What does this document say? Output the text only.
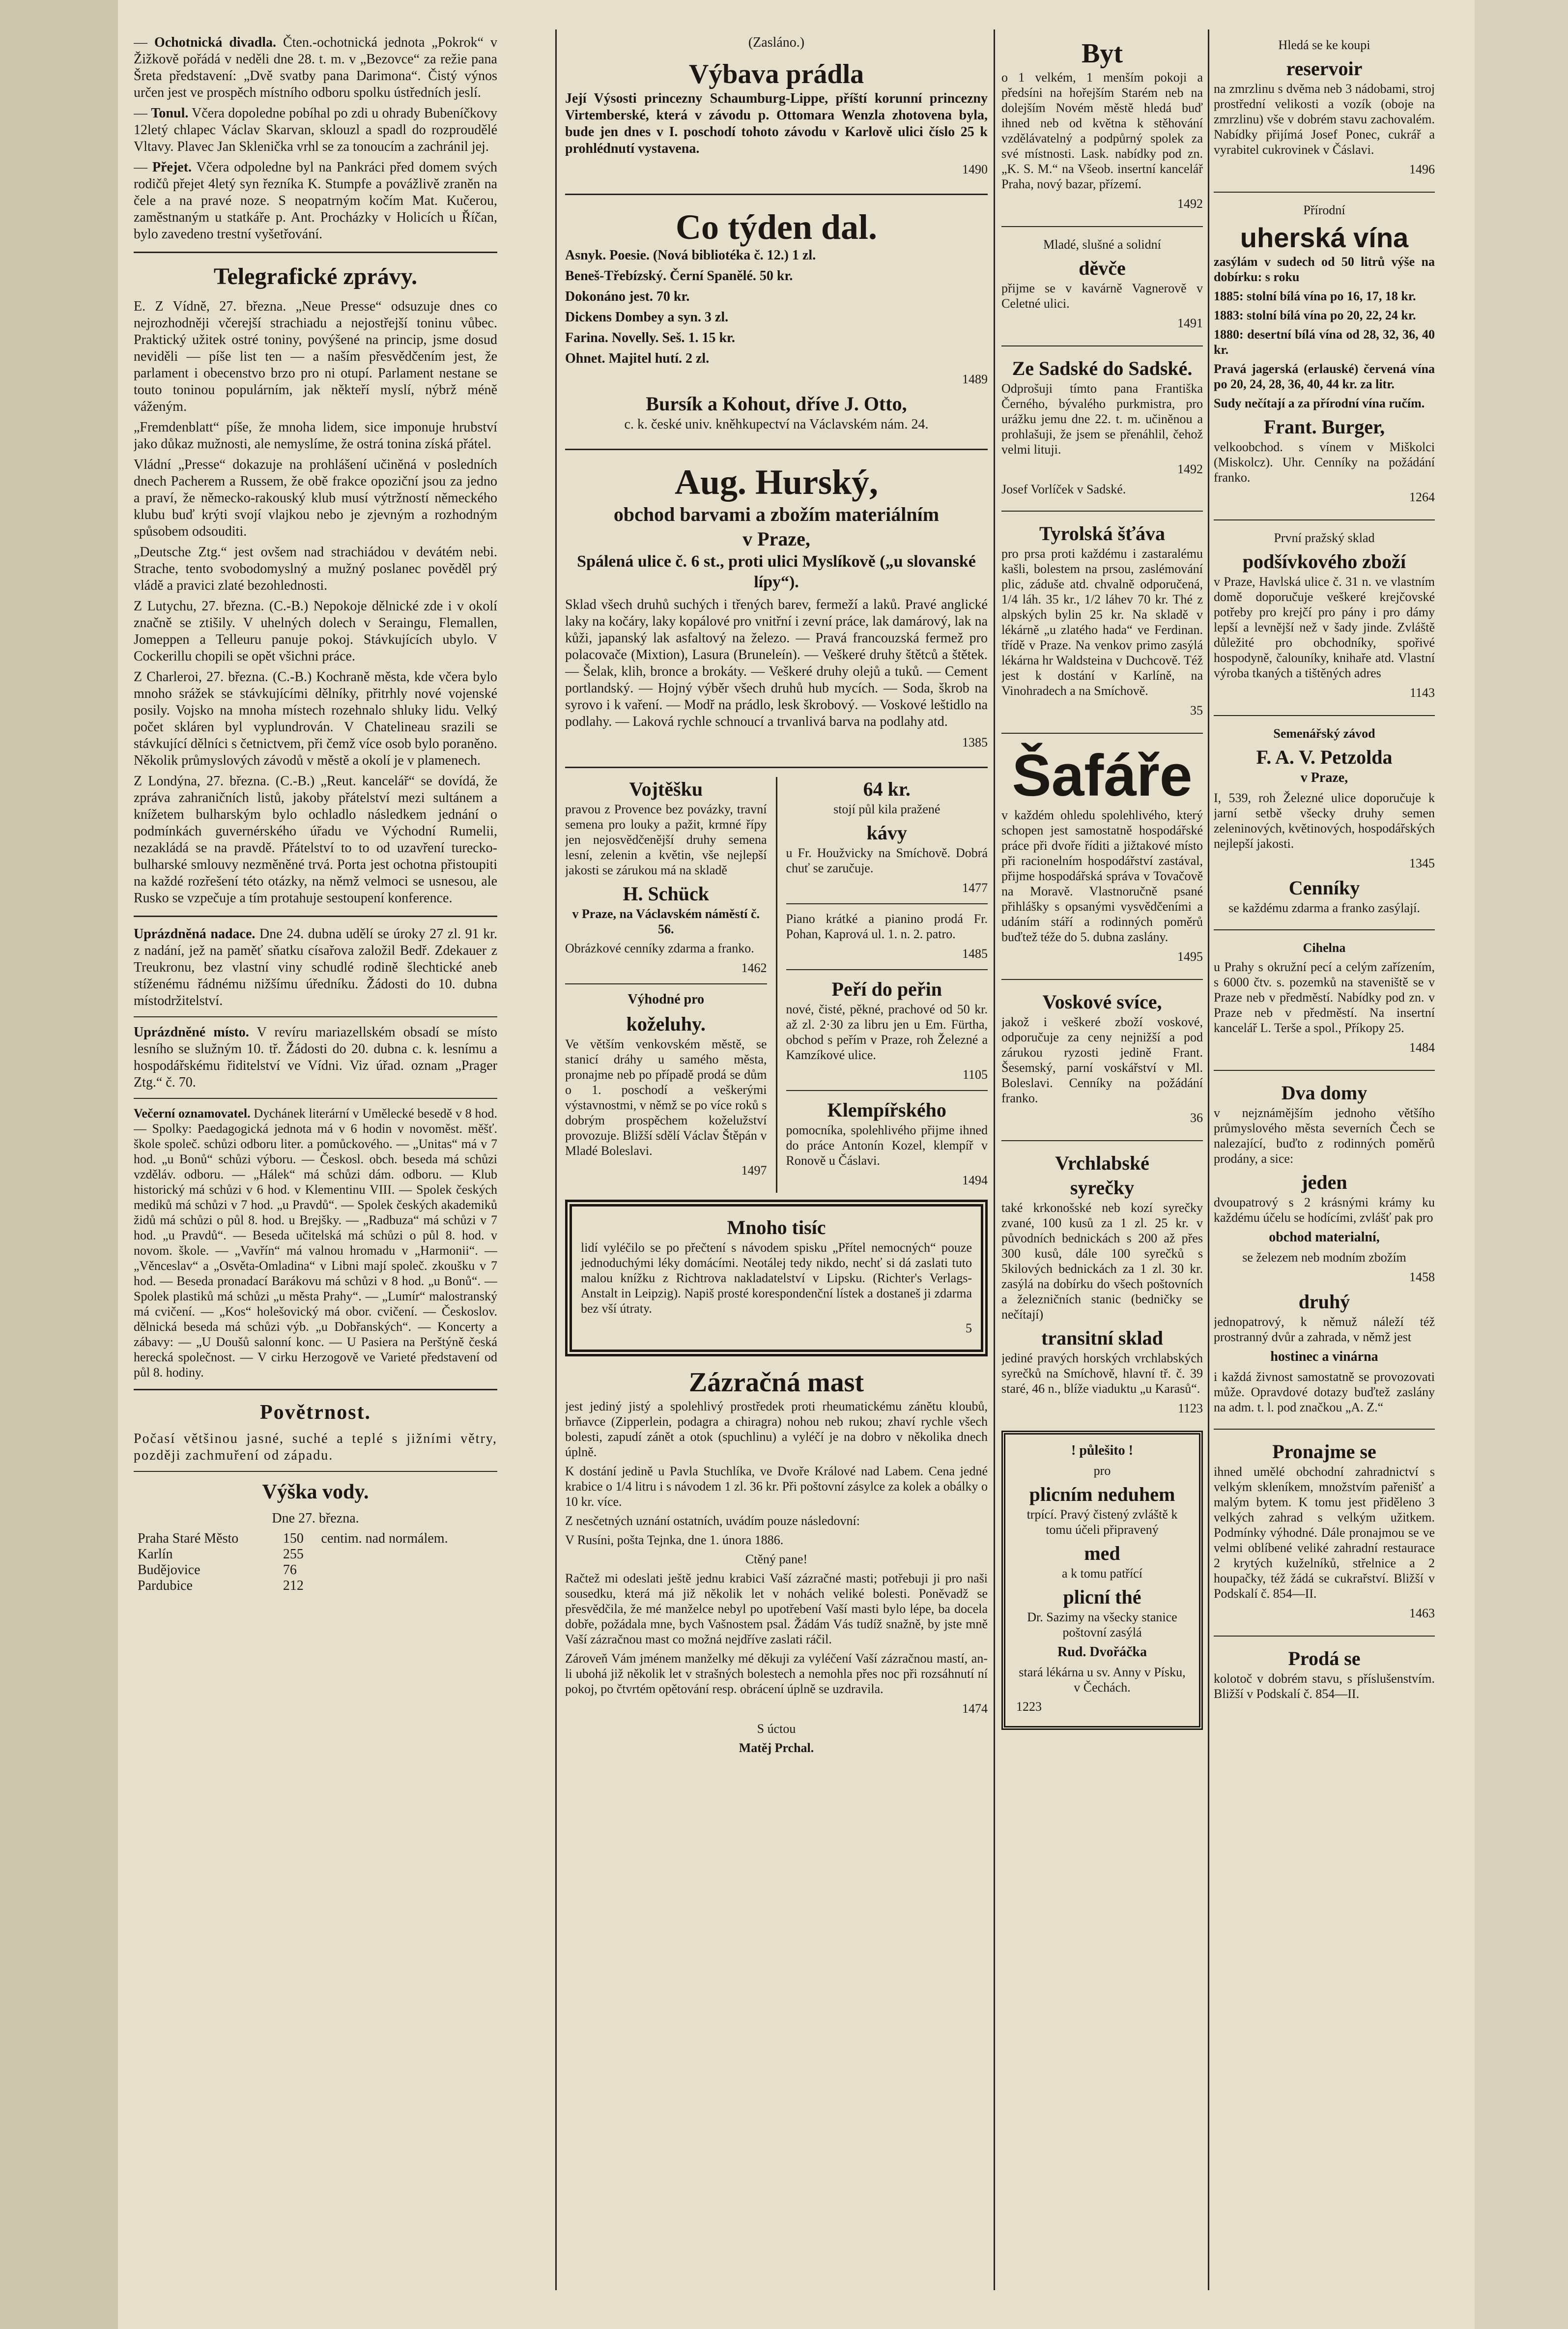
— Ochotnická divadla. Čten.-ochotnická jednota „Pokrok“ v Žižkově pořádá v neděli dne 28. t. m. v „Bezovce“ za režie pana Šreta představení: „Dvě svatby pana Darimona“. Čistý výnos určen jest ve prospěch místního odboru spolku ústředních jeslí.

— Tonul. Včera dopoledne pobíhal po zdi u ohrady Bubeníčkovy 12letý chlapec Václav Skarvan, sklouzl a spadl do rozproudělé Vltavy. Plavec Jan Sklenička vrhl se za tonoucím a zachránil jej.

— Přejet. Včera odpoledne byl na Pankráci před domem svých rodičů přejet 4letý syn řezníka K. Stumpfe a povážlivě zraněn na čele a na pravé noze. S neopatrným kočím Mat. Kučerou, zaměstnaným u statkáře p. Ant. Procházky v Holicích u Říčan, bylo zavedeno trestní vyšetřování.

Telegrafické zprávy.

E. Z Vídně, 27. března. „Neue Presse“ odsuzuje dnes co nejrozhodněji včerejší strachiadu a nejostřejší toninu vůbec. Praktický užitek ostré toniny, povýšené na princip, jsme dosud neviděli — píše list ten — a naším přesvědčením jest, že parlament i obecenstvo brzo pro ni otupí. Parlament nestane se touto toninou populárním, jak někteří myslí, nýbrž méně váženým.

„Fremdenblatt“ píše, že mnoha lidem, sice imponuje hrubství jako důkaz mužnosti, ale nemyslíme, že ostrá tonina získá přátel.

Vládní „Presse“ dokazuje na prohlášení učiněná v posledních dnech Pacherem a Russem, že obě frakce opoziční jsou za jedno a praví, že německo-rakouský klub musí výtržností německého klubu buď krýti svojí vlajkou nebo je zjevným a rozhodným spůsobem odsouditi.

„Deutsche Ztg.“ jest ovšem nad strachiádou v devátém nebi. Strache, tento svobodomyslný a mužný poslanec pověděl prý vládě a pravici zlaté bezohlednosti.

Z Lutychu, 27. března. (C.-B.) Nepokoje dělnické zde i v okolí značně se ztišily. V uhelných dolech v Seraingu, Flemallen, Jomeppen a Telleuru panuje pokoj. Stávkujících ubylo. V Cockerillu chopili se opět všichni práce.

Z Charleroi, 27. března. (C.-B.) Kochraně města, kde včera bylo mnoho srážek se stávkujícími dělníky, přitrhly nové vojenské posily. Vojsko na mnoha místech rozehnalo shluky lidu. Velký počet skláren byl vyplundrován. V Chatelineau srazili se stávkující dělníci s četnictvem, při čemž více osob bylo poraněno. Několik průmyslových závodů v městě a okolí je v plamenech.

Z Londýna, 27. března. (C.-B.) „Reut. kancelář“ se dovídá, že zpráva zahraničních listů, jakoby přátelství mezi sultánem a knížetem bulharským bylo ochladlo následkem jednání o podmínkách guvernérského úřadu ve Východní Rumelii, nezakládá se na pravdě. Přátelství to to od uzavření turecko-bulharské smlouvy nezměněné trvá. Porta jest ochotna přistoupiti na každé rozřešení této otázky, na němž velmoci se usnesou, ale Rusko se vzpečuje a tím protahuje sestoupení konference.

Uprázdněná nadace. Dne 24. dubna udělí se úroky 27 zl. 91 kr. z nadání, jež na paměť sňatku císařova založil Bedř. Zdekauer z Treukronu, bez vlastní viny schudlé rodině šlechtické aneb stíženému řádnému nižšímu úředníku. Žádosti do 10. dubna místodržitelství.

Uprázdněné místo. V revíru mariazellském obsadí se místo lesního se služným 10. tř. Žádosti do 20. dubna c. k. lesnímu a hospodářskému řiditelství ve Vídni. Viz úřad. oznam „Prager Ztg.“ č. 70.

Večerní oznamovatel. Dychánek literární v Umělecké besedě v 8 hod. — Spolky: Paedagogická jednota má v 6 hodin v novoměst. měšť. škole společ. schůzi odboru liter. a pomůckového. — „Unitas“ má v 7 hod. „u Bonů“ schůzi výboru. — Českosl. obch. beseda má schůzi vzděláv. odboru. — „Hálek“ má schůzi dám. odboru. — Klub historický má schůzi v 6 hod. v Klementinu VIII. — Spolek českých mediků má schůzi v 7 hod. „u Pravdů“. — Spolek českých akademiků židů má schůzi o půl 8. hod. u Brejšky. — „Radbuza“ má schůzi v 7 hod. „u Pravdů“. — Beseda učitelská má schůzi o půl 8. hod. v novom. škole. — „Vavřín“ má valnou hromadu v „Harmonii“. — „Věnceslav“ a „Osvěta-Omladina“ v Libni mají společ. zkoušku v 7 hod. — Beseda pronadací Barákovu má schůzi v 8 hod. „u Bonů“. — Spolek plastiků má schůzi „u města Prahy“. — „Lumír“ malostranský má cvičení. — „Kos“ holešovický má obor. cvičení. — Českoslov. dělnická beseda má schůzi výb. „u Dobřanských“. — Koncerty a zábavy: — „U Doušů salonní konc. — U Pasiera na Perštýně česká herecká společnost. — V cirku Herzogově ve Varieté představení od půl 8. hodiny.

Povětrnost.

Počasí většinou jasné, suché a teplé s jižními větry, později zachmuření od západu.

Výška vody.

Dne 27. března.

Praha Staré Město	150	centim. nad normálem.
Karlín	255	
Budějovice	76	
Pardubice	212	

(Zasláno.)

Výbava prádla

Její Výsosti princezny Schaumburg-Lippe, příští korunní princezny Virtemberské, která v závodu p. Ottomara Wenzla zhotovena byla, bude jen dnes v I. poschodí tohoto závodu v Karlově ulici číslo 25 k prohlédnutí vystavena.

1490

Co týden dal.

Asnyk. Poesie. (Nová bibliotéka č. 12.) 1 zl.

Beneš-Třebízský. Černí Spanělé. 50 kr.

Dokonáno jest. 70 kr.

Dickens Dombey a syn. 3 zl.

Farina. Novelly. Seš. 1. 15 kr.

Ohnet. Majitel hutí. 2 zl.

1489

Bursík a Kohout, dříve J. Otto,

c. k. české univ. kněhkupectví na Václavském nám. 24.

Aug. Hurský,
obchod barvami a zbožím materiálním
v Praze,

Spálená ulice č. 6 st., proti ulici Myslíkově („u slovanské lípy“).

Sklad všech druhů suchých i třených barev, fermeží a laků. Pravé anglické laky na kočáry, laky kopálové pro vnitřní i zevní práce, lak damárový, lak na kůži, japanský lak asfaltový na železo. — Pravá francouzská fermež pro polacovače (Mixtion), Lasura (Bruneleín). — Veškeré druhy štětců a štětek. — Šelak, klih, bronce a brokáty. — Veškeré druhy olejů a tuků. — Cement portlandský. — Hojný výběr všech druhů hub mycích. — Soda, škrob na syrovo i k vaření. — Modř na prádlo, lesk škrobový. — Voskové leštidlo na podlahy. — Laková rychle schnoucí a trvanlivá barva na podlahy atd.

1385

Vojtěšku

pravou z Provence bez povázky, travní semena pro louky a pažit, krmné řípy jen nejosvědčenější druhy semena lesní, zelenin a květin, vše nejlepší jakosti se zárukou má na skladě

H. Schück

v Praze, na Václavském náměstí č. 56.

Obrázkové cenníky zdarma a franko.

1462

Výhodné pro

koželuhy.

Ve větším venkovském městě, se stanicí dráhy u samého města, pronajme neb po případě prodá se dům o 1. poschodí a veškerými výstavnostmi, v němž se po více roků s dobrým prospěchem koželužství provozuje. Bližší sdělí Václav Štěpán v Mladé Boleslavi.

1497

64 kr.

stojí půl kila pražené

kávy

u Fr. Houžvicky na Smíchově. Dobrá chuť se zaručuje.

1477

Piano krátké a pianino prodá Fr. Pohan, Kaprová ul. 1. n. 2. patro.

1485

Peří do peřin

nové, čisté, pěkné, prachové od 50 kr. až zl. 2·30 za libru jen u Em. Fürtha, obchod s peřím v Praze, roh Železné a Kamzíkové ulice.

1105

Klempířského

pomocníka, spolehlivého přijme ihned do práce Antonín Kozel, klempíř v Ronově u Čáslavi.

1494

Mnoho tisíc

lidí vyléčilo se po přečtení s návodem spisku „Přítel nemocných“ pouze jednoduchými léky domácími. Neotálej tedy nikdo, nechť si dá zaslati tuto malou knížku z Richtrova nakladatelství v Lipsku. (Richter's Verlags-Anstalt in Leipzig). Napiš prosté korespondenční lístek a dostaneš ji zdarma bez vší útraty.

5

Zázračná mast

jest jediný jistý a spolehlivý prostředek proti rheumatickému zánětu kloubů, brňavce (Zipperlein, podagra a chiragra) nohou neb rukou; zhaví rychle všech bolesti, zapudí zánět a otok (spuchlinu) a vyléčí je na dobro v několika dnech úplně.

K dostání jedině u Pavla Stuchlíka, ve Dvoře Králové nad Labem. Cena jedné krabice o 1/4 litru i s návodem 1 zl. 36 kr. Při poštovní zásylce za kolek a obálky o 10 kr. více.

Z nesčetných uznání ostatních, uvádím pouze následovní:

V Rusíni, pošta Tejnka, dne 1. února 1886.

Ctěný pane!

Račtež mi odeslati ještě jednu krabici Vaší zázračné masti; potřebuji ji pro naši sousedku, která má již několik let v nohách veliké bolesti. Poněvadž se přesvědčila, že mé manželce nebyl po upotřebení Vaší masti bylo lépe, ba docela dobře, požádala mne, bych Vašnostem psal. Žádám Vás tudíž snažně, by jste mně Vaší zázračnou mast co možná nejdříve zaslati ráčil.

Zároveň Vám jménem manželky mé děkuji za vyléčení Vaší zázračnou mastí, an-li ubohá již několik let v strašných bolestech a nemohla přes noc při rozsáhnutí ní pokoj, po čtvrtém opětování resp. obrácení úplně se uzdravila.

1474

S úctou

Matěj Prchal.

Byt

o 1 velkém, 1 menším pokoji a předsíni na hořejším Starém neb na dolejším Novém městě hledá buď ihned neb od května k stěhování vzdělávatelný a podpůrný spolek za své místnosti. Lask. nabídky pod zn. „K. S. M.“ na Všeob. insertní kancelář Praha, nový bazar, přízemí.

1492

Mladé, slušné a solidní

děvče

přijme se v kavárně Vagnerově v Celetné ulici.

1491

Ze Sadské do Sadské.

Odprošuji tímto pana Františka Černého, bývalého purkmistra, pro urážku jemu dne 22. t. m. učiněnou a prohlašuji, že jsem se přenáhlil, čehož velmi lituji.

1492

Josef Vorlíček v Sadské.

Tyrolská šťáva

pro prsa proti každému i zastaralému kašli, bolestem na prsou, zaslémování plic, záduše atd. chvalně odporučená, 1/4 láh. 35 kr., 1/2 láhev 70 kr. Thé z alpských bylin 25 kr. Na skladě v lékárně „u zlatého hada“ ve Ferdinan. třídě v Praze. Na venkov primo zasýlá lékárna hr Waldsteina v Duchcově. Též jest k dostání v Karlíně, na Vinohradech a na Smíchově.

35

Šafáře

v každém ohledu spolehlivého, který schopen jest samostatně hospodářské práce při dvoře říditi a jižtakové místo při racionelním hospodářství zastával, přijme hospodářská správa v Tovačově na Moravě. Vlastnoručně psané přihlášky s opsanými vysvědčeními a udáním stáří a rodinných poměrů buďtež téže do 5. dubna zaslány.

1495

Voskové svíce,

jakož i veškeré zboží voskové, odporučuje za ceny nejnižší a pod zárukou ryzosti jedině Frant. Šesemský, parní voskářství v Ml. Boleslavi. Cenníky na požádání franko.

36

Vrchlabské
syrečky

také krkonošské neb kozí syrečky zvané, 100 kusů za 1 zl. 25 kr. v původních bednickách s 200 až přes 300 kusů, dále 100 syrečků s 5kilových bednickách za 1 zl. 30 kr. zasýlá na dobírku do všech poštovních a železničních stanic (bedničky se nečítají)

transitní sklad

jediné pravých horských vrchlabských syrečků na Smíchově, hlavní tř. č. 39 staré, 46 n., blíže viaduktu „u Karasů“.

1123

! půlešito !

pro

plicním neduhem

trpící. Pravý čistený zvláště k tomu účeli připravený

med

a k tomu patřící

plicní thé

Dr. Sazimy na všecky stanice poštovní zasýlá

Rud. Dvořáčka

stará lékárna u sv. Anny v Písku, v Čechách.

1223

Hledá se ke koupi

reservoir

na zmrzlinu s dvěma neb 3 nádobami, stroj prostřední velikosti a vozík (oboje na zmrzlinu) vše v dobrém stavu zachovalém. Nabídky přijímá Josef Ponec, cukrář a vyrabitel cukrovinek v Čáslavi.

1496

Přírodní

uherská vína

zasýlám v sudech od 50 litrů výše na dobírku: s roku

1885: stolní bílá vína po 16, 17, 18 kr.

1883: stolní bílá vína po 20, 22, 24 kr.

1880: desertní bílá vína od 28, 32, 36, 40 kr.

Pravá jagerská (erlauské) červená vína po 20, 24, 28, 36, 40, 44 kr. za litr.

Sudy nečítají a za přírodní vína ručím.

Frant. Burger,

velkoobchod. s vínem v Miškolci (Miskolcz). Uhr. Cenníky na požádání franko.

1264

První pražský sklad

podšívkového zboží

v Praze, Havlská ulice č. 31 n. ve vlastním domě doporučuje veškeré krejčovské potřeby pro krejčí pro pány i pro dámy lepší a levnější než v šady jinde. Zvláště důležité pro obchodníky, spořivé hospodyně, čalouníky, knihaře atd. Vlastní výroba tkaných a tištěných adres

1143

Semenářský závod

F. A. V. Petzolda

v Praze,

I, 539, roh Železné ulice doporučuje k jarní setbě všecky druhy semen zeleninových, květinových, hospodářských nejlepší jakosti.

1345

Cenníky

se každému zdarma a franko zasýlají.

Cihelna

u Prahy s okružní pecí a celým zařízením, s 6000 čtv. s. pozemků na staveniště se v Praze neb v předměstí. Nabídky pod zn. v Praze neb v předměstí. Na insertní kancelář L. Terše a spol., Příkopy 25.

1484

Dva domy

v nejznámějším jednoho většího průmyslového města severních Čech se nalezající, buďto z rodinných poměrů prodány, a sice:

jeden

dvoupatrový s 2 krásnými krámy ku každému účelu se hodícími, zvlášť pak pro

obchod materialní,

se železem neb modním zbožím

1458

druhý

jednopatrový, k němuž náleží též prostranný dvůr a zahrada, v němž jest

hostinec a vinárna

i každá živnost samostatně se provozovati může. Opravdové dotazy buďtež zaslány na adm. t. l. pod značkou „A. Z.“

Pronajme se

ihned umělé obchodní zahradnictví s velkým skleníkem, množstvím pařenišť a malým bytem. K tomu jest přiděleno 3 velkých zahrad s velkým užitkem. Podmínky výhodné. Dále pronajmou se ve velmi oblíbené veliké zahradní restaurace 2 krytých kuželníků, střelnice a 2 houpačky, též žádá se cukrařství. Bližší v Podskalí č. 854—II.

1463

Prodá se

kolotoč v dobrém stavu, s příslušenstvím. Bližší v Podskalí č. 854—II.
